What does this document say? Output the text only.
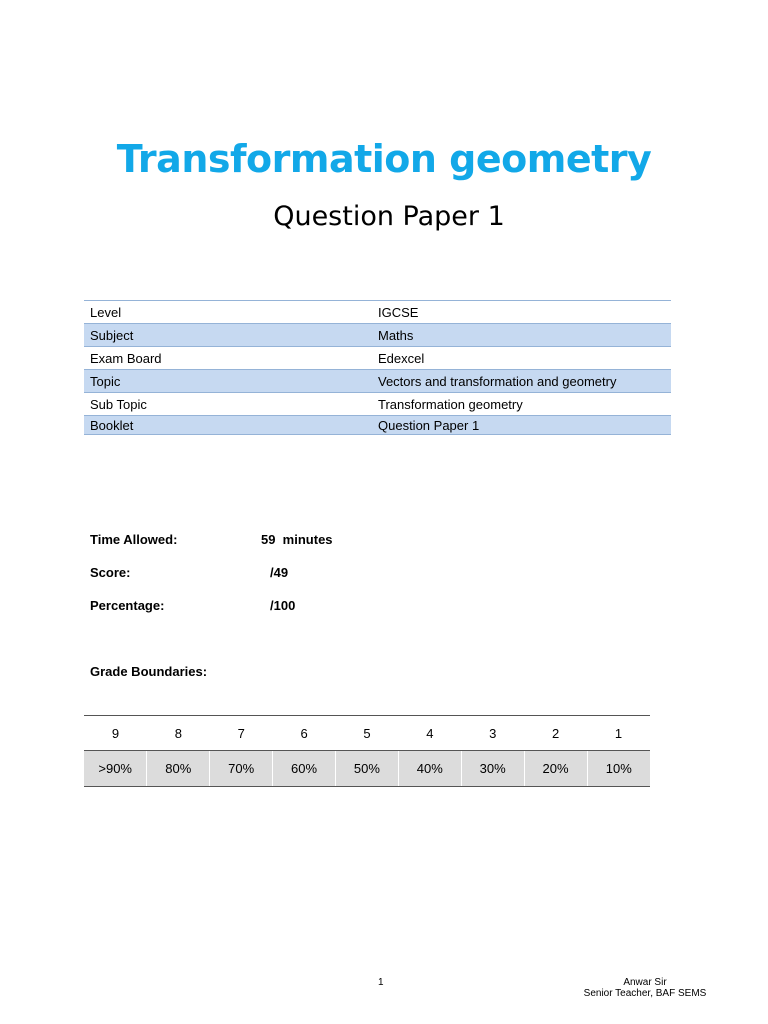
Transformation geometry
Question Paper 1
Level	IGCSE
Subject	Maths
Exam Board	Edexcel
Topic	Vectors and transformation and geometry
Sub Topic	Transformation geometry
Booklet	Question Paper 1
Time Allowed:	59  minutes
Score:	/49
Percentage:	/100
Grade Boundaries:
9	8	7	6	5	4	3	2	1
>90%	80%	70%	60%	50%	40%	30%	20%	10%
1	Anwar Sir
Senior Teacher, BAF SEMS
